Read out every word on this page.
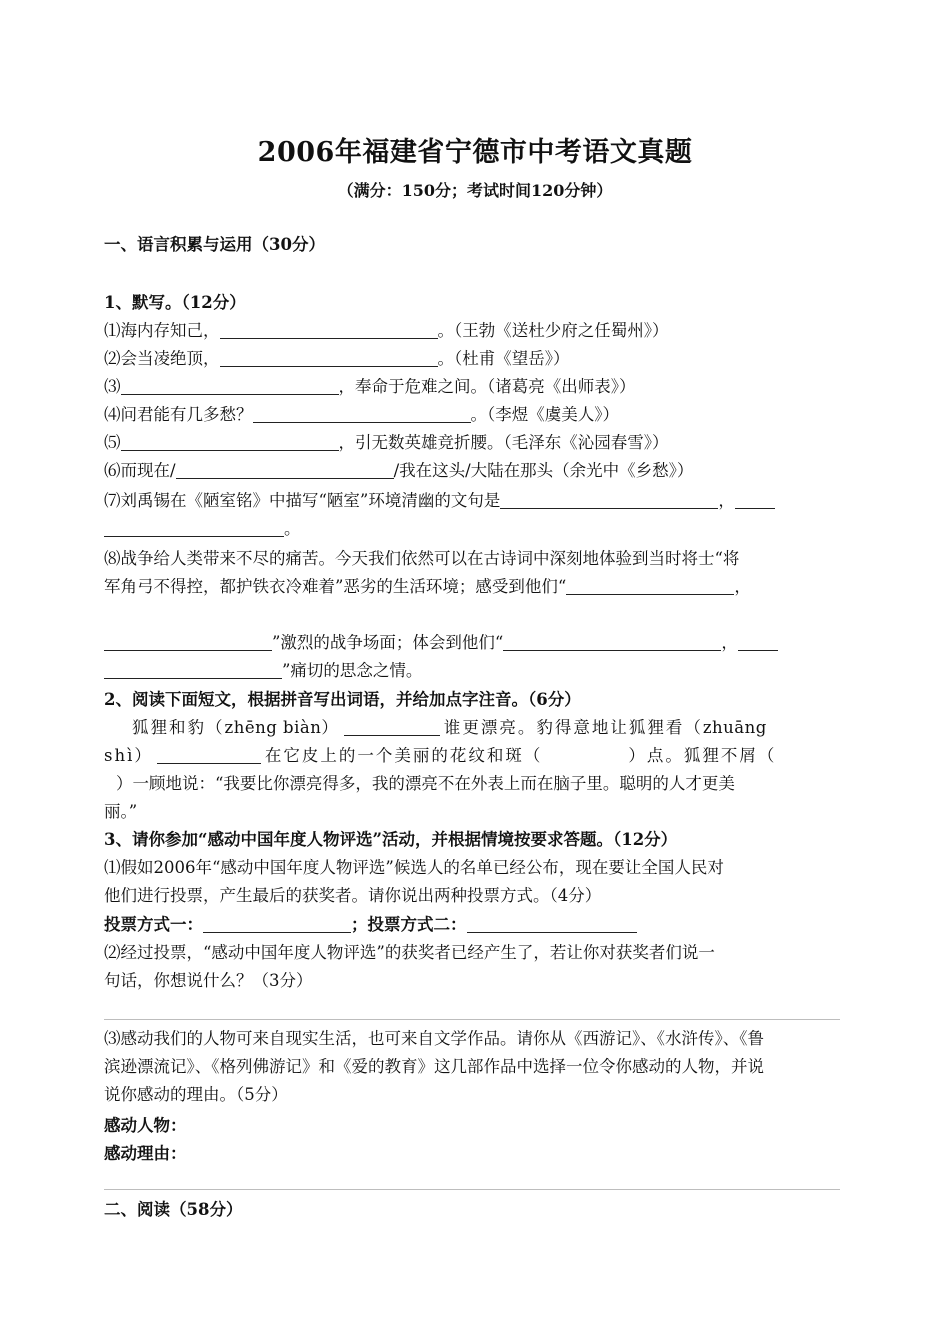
2006年福建省宁德市中考语文真题
（满分：150分；考试时间120分钟）
一、语言积累与运用（30分）
1、默写。（12分）
⑴海内存知己，	。（王勃《送杜少府之任蜀州》）
⑵会当凌绝顶，	。（杜甫《望岳》）
⑶	，奉命于危难之间。（诸葛亮《出师表》）
⑷问君能有几多愁？	。（李煜《虞美人》）
⑸	，引无数英雄竞折腰。（毛泽东《沁园春雪》）
⑹而现在/	/我在这头/大陆在那头（余光中《乡愁》）
⑺刘禹锡在《陋室铭》中描写“陋室”环境清幽的文句是	，
。
⑻战争给人类带来不尽的痛苦。今天我们依然可以在古诗词中深刻地体验到当时将士“将
军角弓不得控，都护铁衣冷难着”恶劣的生活环境；感受到他们“	，
”激烈的战争场面；体会到他们“	，
”痛切的思念之情。
2、阅读下面短文，根据拼音写出词语，并给加点字注音。（6分）
狐狸和豹（zhēng biàn）	谁更漂亮。豹得意地让狐狸看（zhuāng
shì）	在它皮上的一个美丽的花纹和斑（	）点。狐狸不屑（
）一顾地说：“我要比你漂亮得多，我的漂亮不在外表上而在脑子里。聪明的人才更美
丽。”
3、请你参加“感动中国年度人物评选”活动，并根据情境按要求答题。（12分）
⑴假如2006年“感动中国年度人物评选”候选人的名单已经公布，现在要让全国人民对
他们进行投票，产生最后的获奖者。请你说出两种投票方式。（4分）
投票方式一：	；投票方式二：
⑵经过投票，“感动中国年度人物评选”的获奖者已经产生了，若让你对获奖者们说一
句话，你想说什么？（3分）
⑶感动我们的人物可来自现实生活，也可来自文学作品。请你从《西游记》、《水浒传》、《鲁
滨逊漂流记》、《格列佛游记》和《爱的教育》这几部作品中选择一位令你感动的人物，并说
说你感动的理由。（5分）
感动人物：
感动理由：
二、阅读（58分）
